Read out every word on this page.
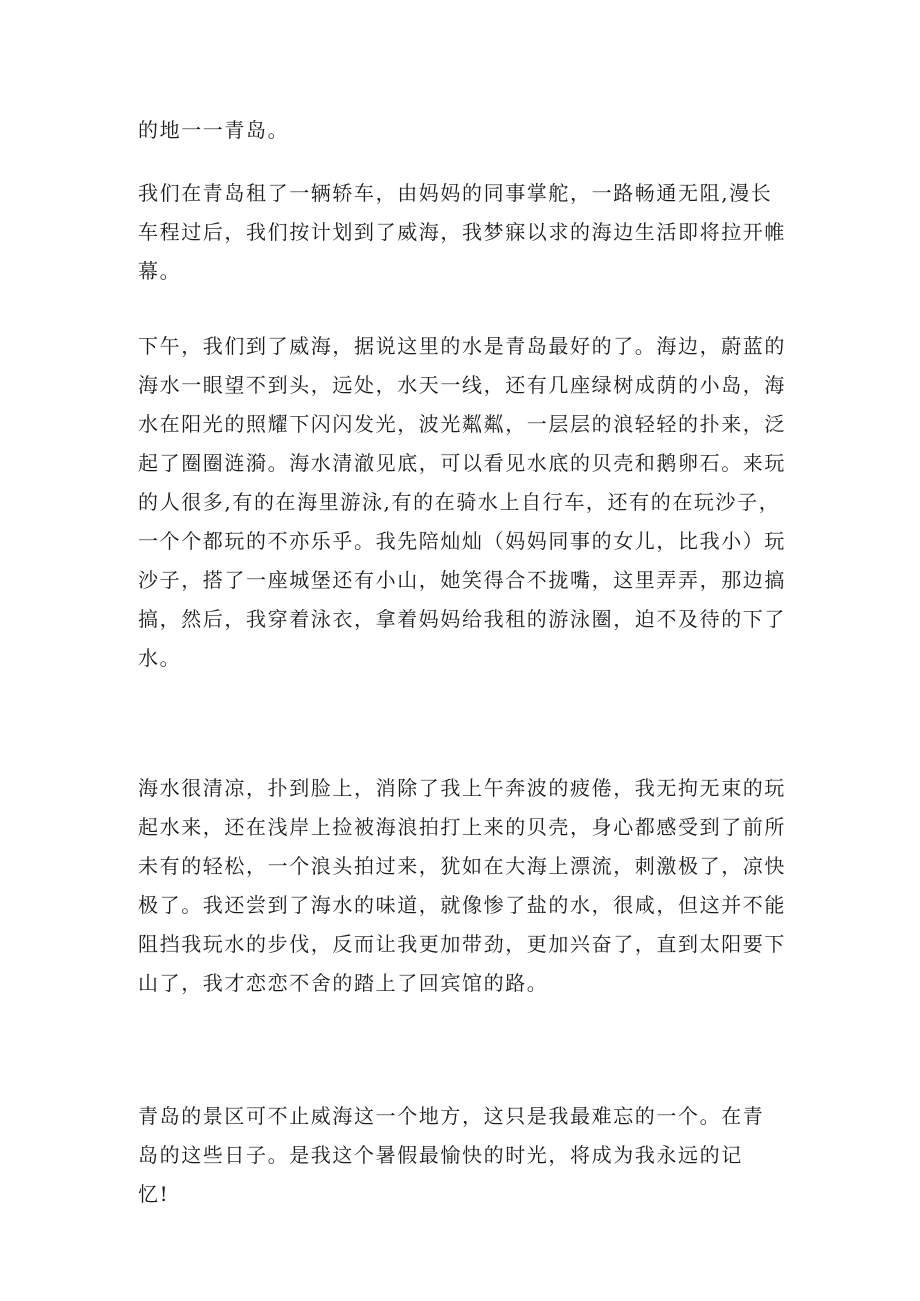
的地一一青岛。

我们在青岛租了一辆轿车，由妈妈的同事掌舵，一路畅通无阻,漫长
车程过后，我们按计划到了威海，我梦寐以求的海边生活即将拉开帷
幕。

下午，我们到了威海，据说这里的水是青岛最好的了。海边，蔚蓝的
海水一眼望不到头，远处，水天一线，还有几座绿树成荫的小岛，海
水在阳光的照耀下闪闪发光，波光粼粼，一层层的浪轻轻的扑来，泛
起了圈圈涟漪。海水清澈见底，可以看见水底的贝壳和鹅卵石。来玩
的人很多,有的在海里游泳,有的在骑水上自行车，还有的在玩沙子，
一个个都玩的不亦乐乎。我先陪灿灿（妈妈同事的女儿，比我小）玩
沙子，搭了一座城堡还有小山，她笑得合不拢嘴，这里弄弄，那边搞
搞，然后，我穿着泳衣，拿着妈妈给我租的游泳圈，迫不及待的下了
水。

海水很清凉，扑到脸上，消除了我上午奔波的疲倦，我无拘无束的玩
起水来，还在浅岸上捡被海浪拍打上来的贝壳，身心都感受到了前所
未有的轻松，一个浪头拍过来，犹如在大海上漂流，刺激极了，凉快
极了。我还尝到了海水的味道，就像惨了盐的水，很咸，但这并不能
阻挡我玩水的步伐，反而让我更加带劲，更加兴奋了，直到太阳要下
山了，我才恋恋不舍的踏上了回宾馆的路。

青岛的景区可不止威海这一个地方，这只是我最难忘的一个。在青
岛的这些日子。是我这个暑假最愉快的时光，将成为我永远的记
忆!
